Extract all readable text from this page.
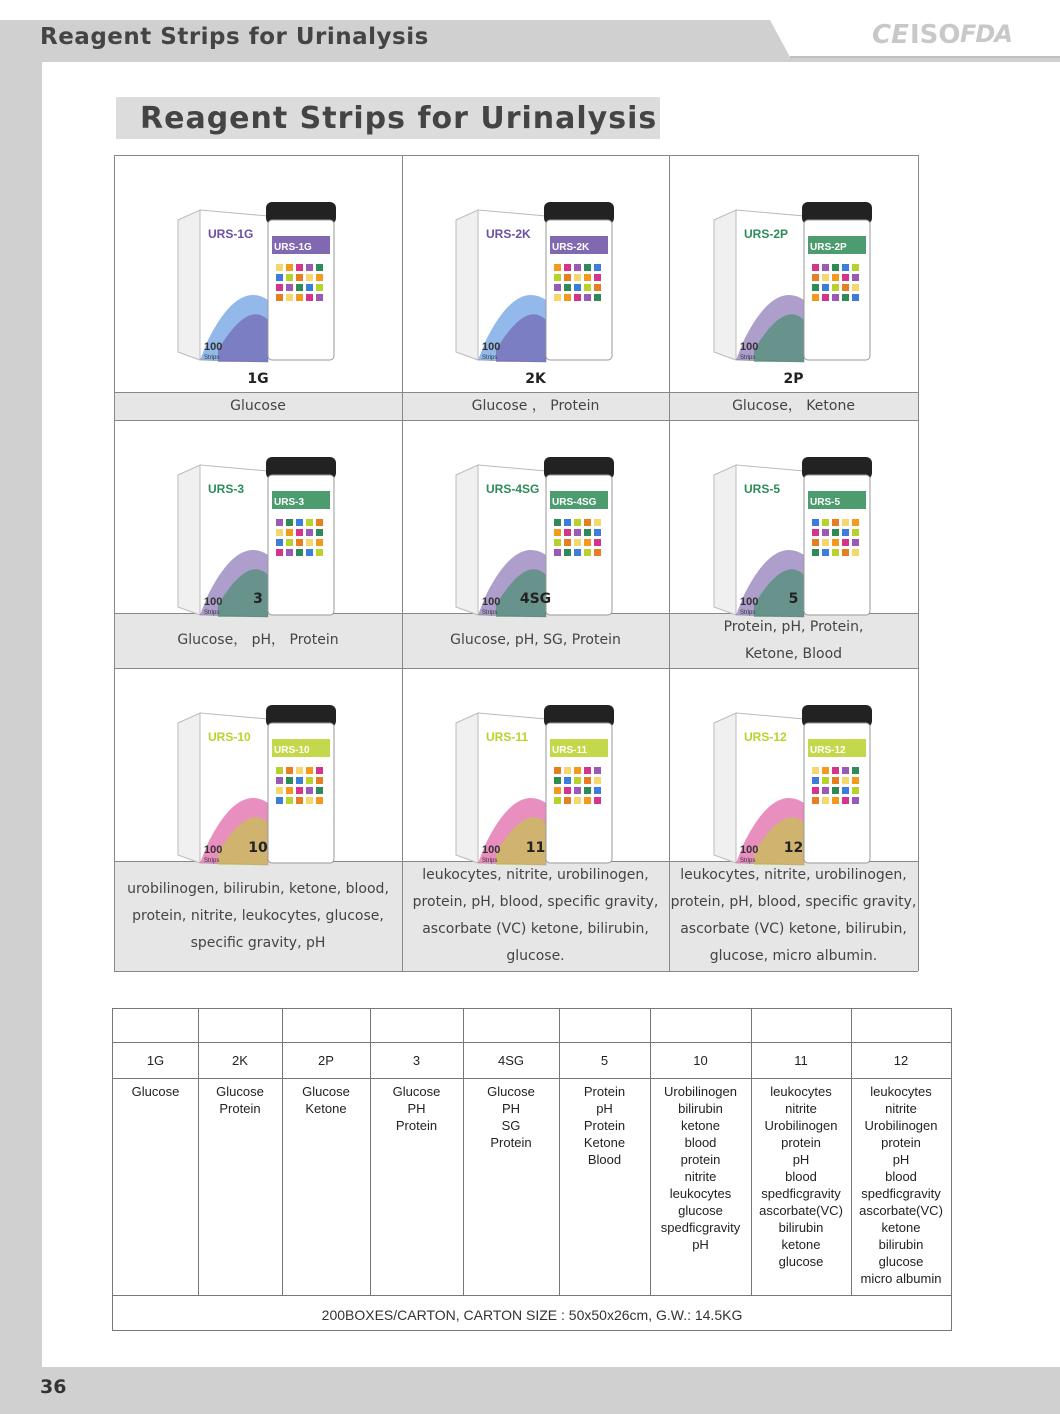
36
Reagent Strips for Urinalysis	CE ISO FDA
Reagent Strips for Urinalysis
URS-1G
100
Strips
URS-1G
1G
Glucose
URS-2K
100
Strips
URS-2K
2K
Glucose ， Protein
URS-2P
100
Strips
URS-2P
2P
Glucose， Ketone
URS-3
100
Strips
URS-3
3
Glucose， pH， Protein
URS-4SG
100
Strips
URS-4SG
4SG
Glucose, pH, SG, Protein
URS-5
100
Strips
URS-5
5
Protein, pH, Protein,
Ketone, Blood
URS-10
100
Strips
URS-10
10
urobilinogen, bilirubin, ketone, blood,
protein, nitrite, leukocytes, glucose,
specific gravity, pH
URS-11
100
Strips
URS-11
11
leukocytes, nitrite, urobilinogen,
protein, pH, blood, specific gravity,
ascorbate (VC) ketone, bilirubin,
glucose.
URS-12
100
Strips
URS-12
12
leukocytes, nitrite, urobilinogen,
protein, pH, blood, specific gravity,
ascorbate (VC) ketone, bilirubin,
glucose, micro albumin.
200BOXES/CARTON, CARTON SIZE : 50x50x26cm, G.W.: 14.5KG
1G
Glucose
2K
Glucose
Protein
2P
Glucose
Ketone
3
Glucose
PH
Protein
4SG
Glucose
PH
SG
Protein
5
Protein
pH
Protein
Ketone
Blood
10
Urobilinogen
bilirubin
ketone
blood
protein
nitrite
leukocytes
glucose
spedficgravity
pH
11
leukocytes
nitrite
Urobilinogen
protein
pH
blood
spedficgravity
ascorbate(VC)
bilirubin
ketone
glucose
12
leukocytes
nitrite
Urobilinogen
protein
pH
blood
spedficgravity
ascorbate(VC)
ketone
bilirubin
glucose
micro albumin
